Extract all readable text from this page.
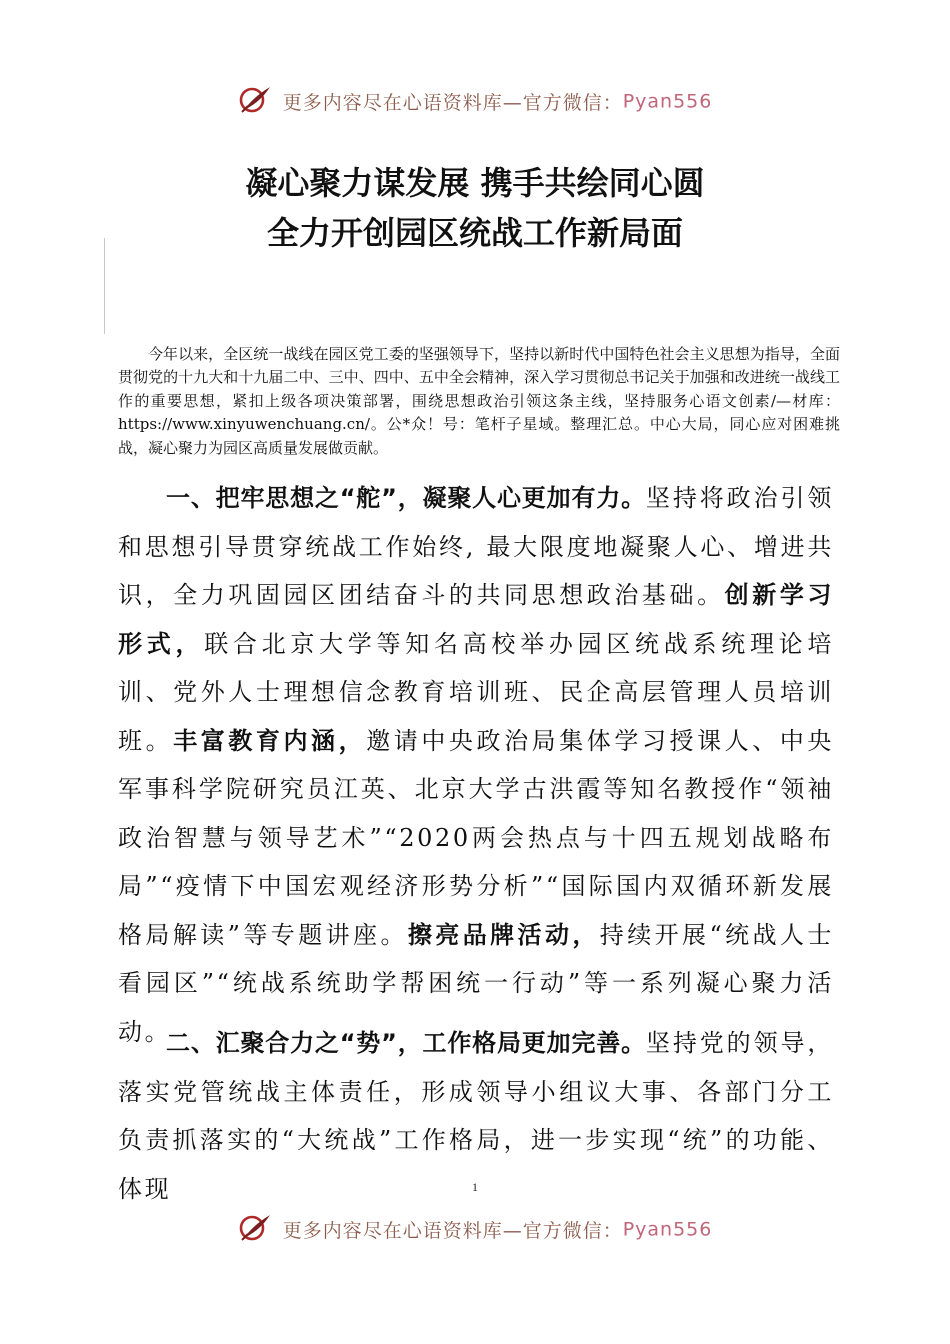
更多内容尽在心语资料库—官方微信：Pyan556
凝心聚力谋发展 携手共绘同心圆
全力开创园区统战工作新局面

今年以来，全区统一战线在园区党工委的坚强领导下，坚持以新时代中国特色社会主义思想为指导，全面贯彻党的十九大和十九届二中、三中、四中、五中全会精神，深入学习贯彻总书记关于加强和改进统一战线工作的重要思想，紧扣上级各项决策部署，围绕思想政治引领这条主线，坚持服务心语文创素/—材库：https://www.xinyuwenchuang.cn/。公*众！号：笔杆子星域。整理汇总。中心大局，同心应对困难挑战，凝心聚力为园区高质量发展做贡献。

一、把牢思想之“舵”，凝聚人心更加有力。坚持将政治引领和思想引导贯穿统战工作始终, 最大限度地凝聚人心、增进共识，全力巩固园区团结奋斗的共同思想政治基础。创新学习形式，联合北京大学等知名高校举办园区统战系统理论培训、党外人士理想信念教育培训班、民企高层管理人员培训班。丰富教育内涵，邀请中央政治局集体学习授课人、中央军事科学院研究员江英、北京大学古洪霞等知名教授作“领袖政治智慧与领导艺术”“2020两会热点与十四五规划战略布局”“疫情下中国宏观经济形势分析”“国际国内双循环新发展格局解读”等专题讲座。擦亮品牌活动，持续开展“统战人士看园区”“统战系统助学帮困统一行动”等一系列凝心聚力活动。

二、汇聚合力之“势”，工作格局更加完善。坚持党的领导，落实党管统战主体责任，形成领导小组议大事、各部门分工负责抓落实的“大统战”工作格局，进一步实现“统”的功能、体现	1
更多内容尽在心语资料库—官方微信：Pyan556
